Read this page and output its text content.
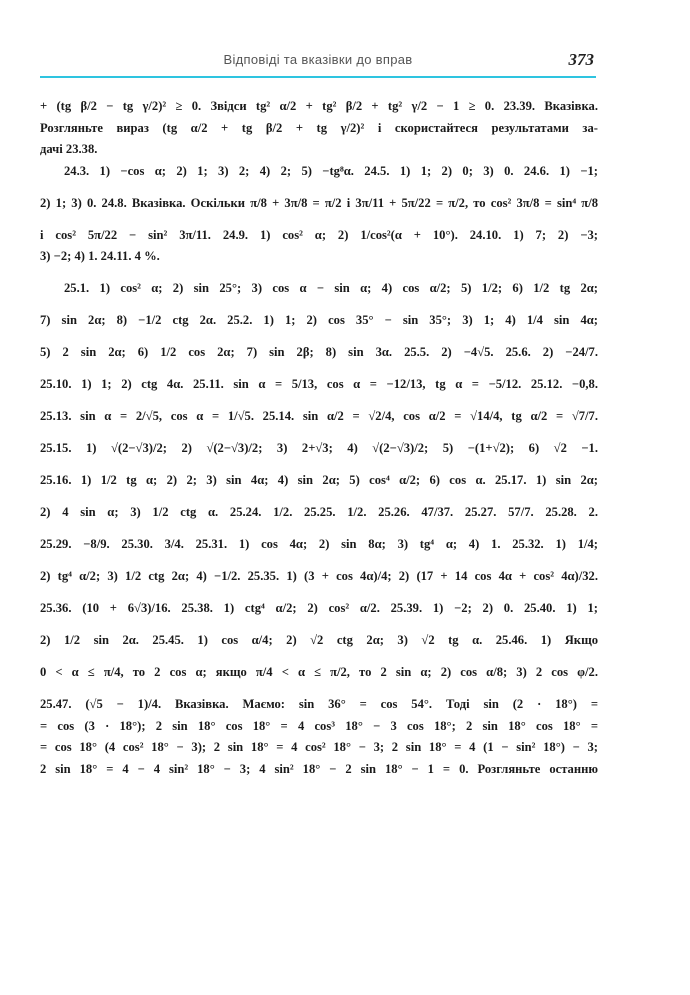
Відповіді та вказівки до вправ	373
+ (tg β/2 − tg γ/2)² ≥ 0. Звідси tg² α/2 + tg² β/2 + tg² γ/2 − 1 ≥ 0. 23.39. Вказівка.
Розгляньте вираз (tg α/2 + tg β/2 + tg γ/2)² і скористайтеся результатами за-
дачі 23.38.
24.3. 1) −cos α; 2) 1; 3) 2; 4) 2; 5) −tg⁸α. 24.5. 1) 1; 2) 0; 3) 0. 24.6. 1) −1;
2) 1; 3) 0. 24.8. Вказівка. Оскільки π/8 + 3π/8 = π/2 і 3π/11 + 5π/22 = π/2, то cos² 3π/8 = sin⁴ π/8
і cos² 5π/22 − sin² 3π/11. 24.9. 1) cos² α; 2) 1/cos²(α + 10°). 24.10. 1) 7; 2) −3;
3) −2; 4) 1. 24.11. 4 %.
25.1. 1) cos² α; 2) sin 25°; 3) cos α − sin α; 4) cos α/2; 5) 1/2; 6) 1/2 tg 2α;
7) sin 2α; 8) −1/2 ctg 2α. 25.2. 1) 1; 2) cos 35° − sin 35°; 3) 1; 4) 1/4 sin 4α;
5) 2 sin 2α; 6) 1/2 cos 2α; 7) sin 2β; 8) sin 3α. 25.5. 2) −4√5. 25.6. 2) −24/7.
25.10. 1) 1; 2) ctg 4α. 25.11. sin α = 5/13, cos α = −12/13, tg α = −5/12. 25.12. −0,8.
25.13. sin α = 2/√5, cos α = 1/√5. 25.14. sin α/2 = √2/4, cos α/2 = √14/4, tg α/2 = √7/7.
25.15. 1) √(2−√3)/2; 2) √(2−√3)/2; 3) 2+√3; 4) √(2−√3)/2; 5) −(1+√2); 6) √2 −1.
25.16. 1) 1/2 tg α; 2) 2; 3) sin 4α; 4) sin 2α; 5) cos⁴ α/2; 6) cos α. 25.17. 1) sin 2α;
2) 4 sin α; 3) 1/2 ctg α. 25.24. 1/2. 25.25. 1/2. 25.26. 47/37. 25.27. 57/7. 25.28. 2.
25.29. −8/9. 25.30. 3/4. 25.31. 1) cos 4α; 2) sin 8α; 3) tg⁴ α; 4) 1. 25.32. 1) 1/4;
2) tg⁴ α/2; 3) 1/2 ctg 2α; 4) −1/2. 25.35. 1) (3 + cos 4α)/4; 2) (17 + 14 cos 4α + cos² 4α)/32.
25.36. (10 + 6√3)/16. 25.38. 1) ctg⁴ α/2; 2) cos² α/2. 25.39. 1) −2; 2) 0. 25.40. 1) 1;
2) 1/2 sin 2α. 25.45. 1) cos α/4; 2) √2 ctg 2α; 3) √2 tg α. 25.46. 1) Якщо
0 < α ≤ π/4, то 2 cos α; якщо π/4 < α ≤ π/2, то 2 sin α; 2) cos α/8; 3) 2 cos φ/2.
25.47. (√5 − 1)/4. Вказівка. Маємо: sin 36° = cos 54°. Тоді sin (2 · 18°) =
= cos (3 · 18°); 2 sin 18° cos 18° = 4 cos³ 18° − 3 cos 18°; 2 sin 18° cos 18° =
= cos 18° (4 cos² 18° − 3); 2 sin 18° = 4 cos² 18° − 3; 2 sin 18° = 4 (1 − sin² 18°) − 3;
2 sin 18° = 4 − 4 sin² 18° − 3; 4 sin² 18° − 2 sin 18° − 1 = 0. Розгляньте останню
